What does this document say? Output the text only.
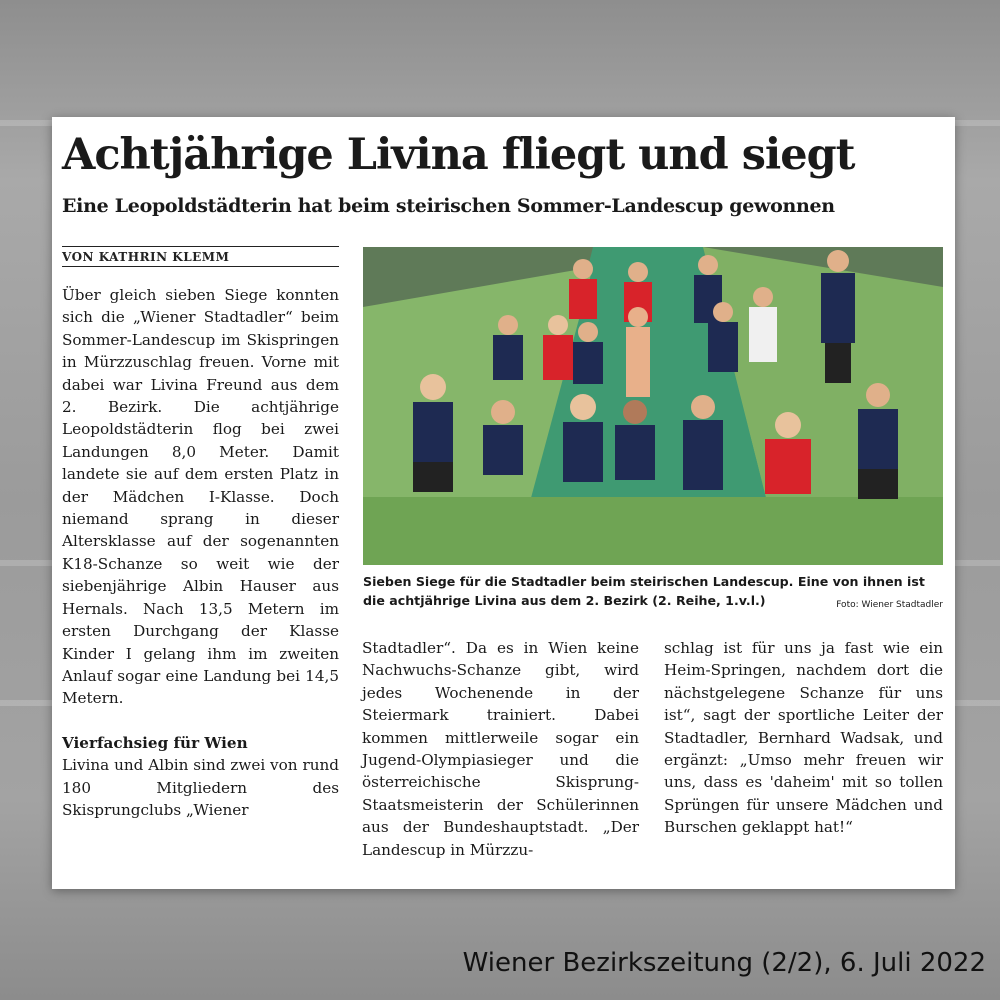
Achtjährige Livina fliegt und siegt
Eine Leopoldstädterin hat beim steirischen Sommer-Landescup gewonnen
VON KATHRIN KLEMM

Über gleich sieben Siege konnten sich die „Wiener Stadtadler“ beim Sommer-Landescup im Skispringen in Mürzzuschlag freuen. Vorne mit dabei war Livina Freund aus dem 2. Bezirk. Die achtjährige Leopoldstädterin flog bei zwei Landungen 8,0 Meter. Damit landete sie auf dem ersten Platz in der Mädchen I-Klasse. Doch niemand sprang in dieser Altersklasse auf der sogenannten K18-Schanze so weit wie der siebenjährige Albin Hauser aus Hernals. Nach 13,5 Metern im ersten Durchgang der Klasse Kinder I gelang ihm im zweiten Anlauf sogar eine Landung bei 14,5 Metern.

Vierfachsieg für Wien

Livina und Albin sind zwei von rund 180 Mitgliedern des Skisprungclubs „Wiener

Sieben Siege für die Stadtadler beim steirischen Landescup. Eine von ihnen ist die achtjährige Livina aus dem 2. Bezirk (2. Reihe, 1.v.l.)	Foto: Wiener Stadtadler

Stadtadler“. Da es in Wien keine Nachwuchs-Schanze gibt, wird jedes Wochenende in der Steiermark trainiert. Dabei kommen mittlerweile sogar ein Jugend-Olympiasieger und die österreichische Skisprung-Staatsmeisterin der Schülerinnen aus der Bundeshauptstadt. „Der Landescup in Mürzzu-

schlag ist für uns ja fast wie ein Heim-Springen, nachdem dort die nächstgelegene Schanze für uns ist“, sagt der sportliche Leiter der Stadtadler, Bernhard Wadsak, und ergänzt: „Umso mehr freuen wir uns, dass es 'daheim' mit so tollen Sprüngen für unsere Mädchen und Burschen geklappt hat!“

Wiener Bezirkszeitung (2/2), 6. Juli 2022
